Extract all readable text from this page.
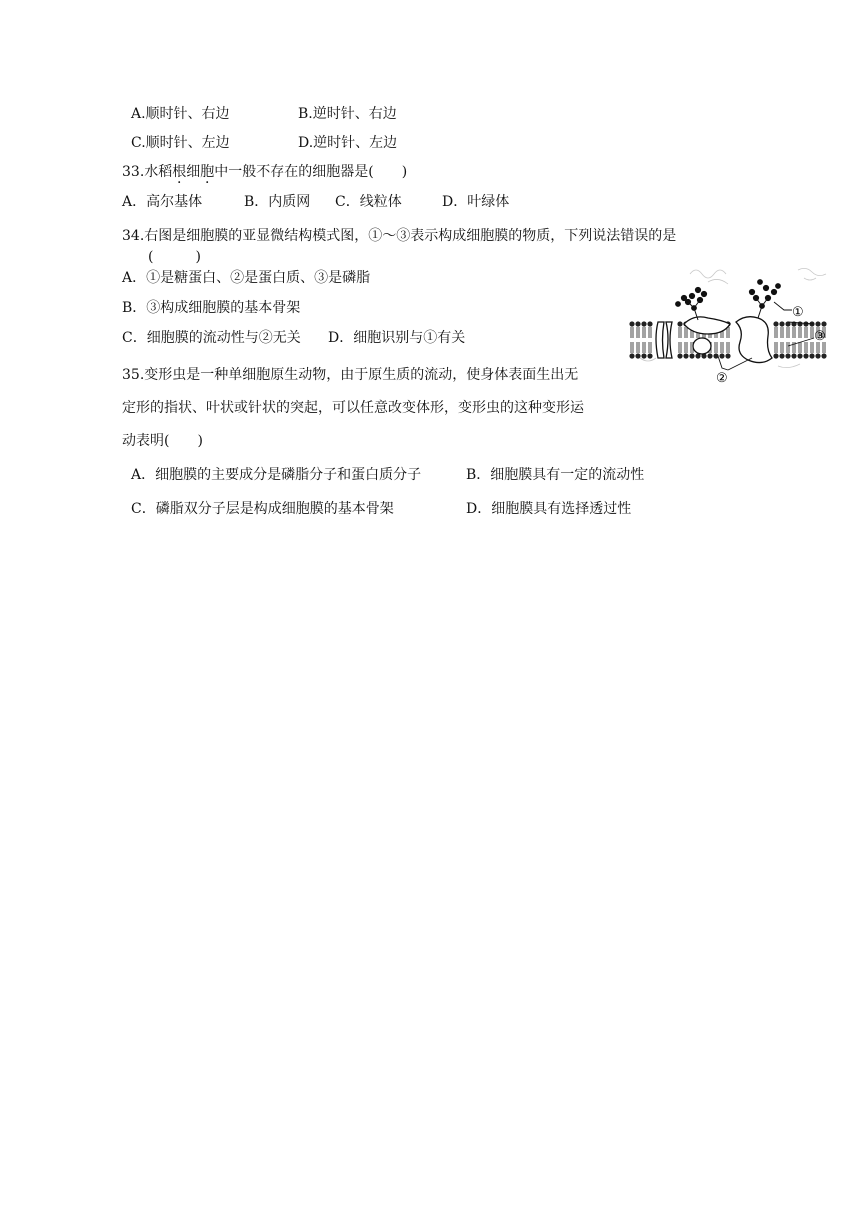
A.顺时针、右边	B.逆时针、右边
C.顺时针、左边	D.逆时针、左边
33.水稻根细胞中一般不存在的细胞器是(　　)
A．高尔基体	B．内质网 C．线粒体	D．叶绿体
34.右图是细胞膜的亚显微结构模式图，①～③表示构成细胞膜的物质，下列说法错误的是
(　　　)
A．①是糖蛋白、②是蛋白质、③是磷脂
B．③构成细胞膜的基本骨架
C．细胞膜的流动性与②无关 D．细胞识别与①有关
①
②
③
35.变形虫是一种单细胞原生动物，由于原生质的流动，使身体表面生出无
定形的指状、叶状或针状的突起，可以任意改变体形，变形虫的这种变形运
动表明(　　)
A．细胞膜的主要成分是磷脂分子和蛋白质分子	B．细胞膜具有一定的流动性
C．磷脂双分子层是构成细胞膜的基本骨架	D．细胞膜具有选择透过性
